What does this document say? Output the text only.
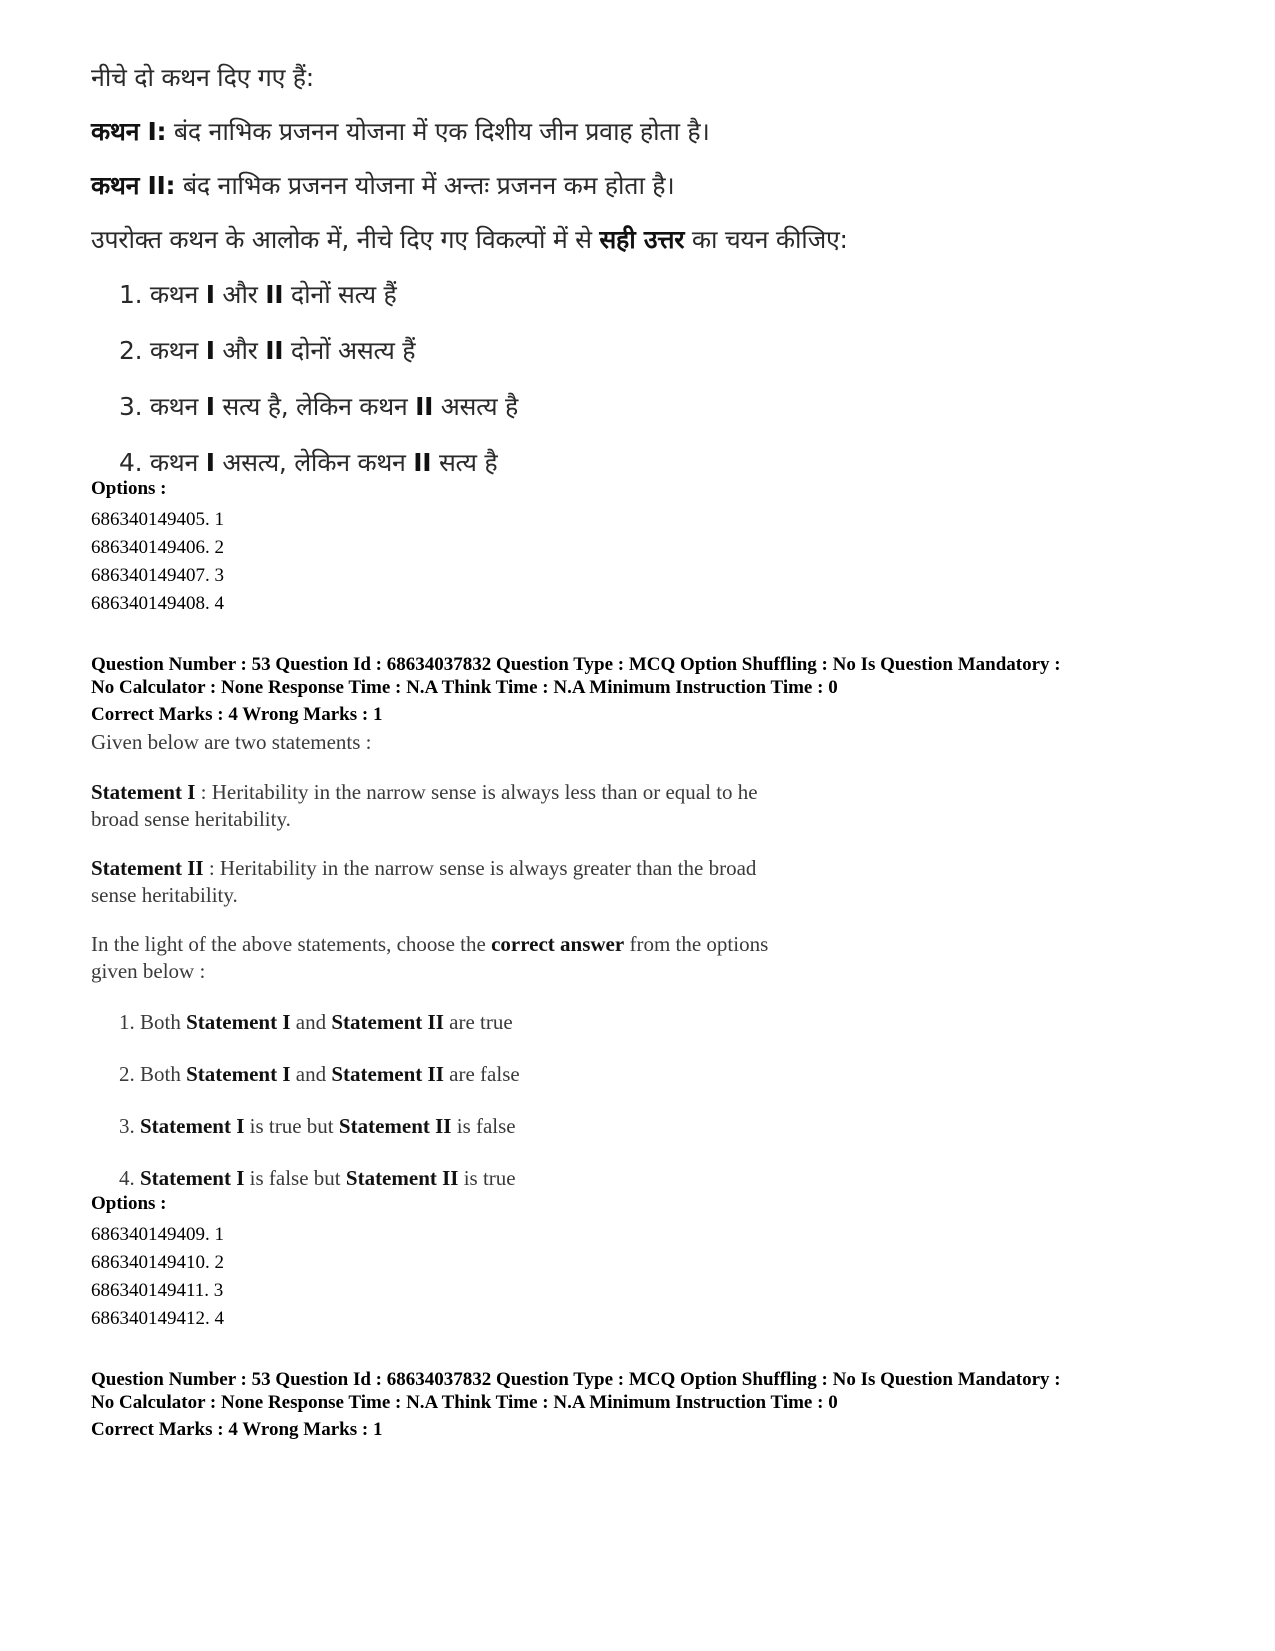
नीचे दो कथन दिए गए हैं:
कथन I: बंद नाभिक प्रजनन योजना में एक दिशीय जीन प्रवाह होता है।
कथन II: बंद नाभिक प्रजनन योजना में अन्तः प्रजनन कम होता है।
उपरोक्त कथन के आलोक में, नीचे दिए गए विकल्पों में से सही उत्तर का चयन कीजिए:
1. कथन I और II दोनों सत्य हैं
2. कथन I और II दोनों असत्य हैं
3. कथन I सत्य है, लेकिन कथन II असत्य है
4. कथन I असत्य, लेकिन कथन II सत्य है
Options :
686340149405. 1
686340149406. 2
686340149407. 3
686340149408. 4
Question Number : 53 Question Id : 68634037832 Question Type : MCQ Option Shuffling : No Is Question Mandatory :
No Calculator : None Response Time : N.A Think Time : N.A Minimum Instruction Time : 0
Correct Marks : 4 Wrong Marks : 1
Given below are two statements :
Statement I : Heritability in the narrow sense is always less than or equal to he
broad sense heritability.
Statement II : Heritability in the narrow sense is always greater than the broad
sense heritability.
In the light of the above statements, choose the correct answer from the options
given below :
1. Both Statement I and Statement II are true
2. Both Statement I and Statement II are false
3. Statement I is true but Statement II is false
4. Statement I is false but Statement II is true
Options :
686340149409. 1
686340149410. 2
686340149411. 3
686340149412. 4
Question Number : 53 Question Id : 68634037832 Question Type : MCQ Option Shuffling : No Is Question Mandatory :
No Calculator : None Response Time : N.A Think Time : N.A Minimum Instruction Time : 0
Correct Marks : 4 Wrong Marks : 1
